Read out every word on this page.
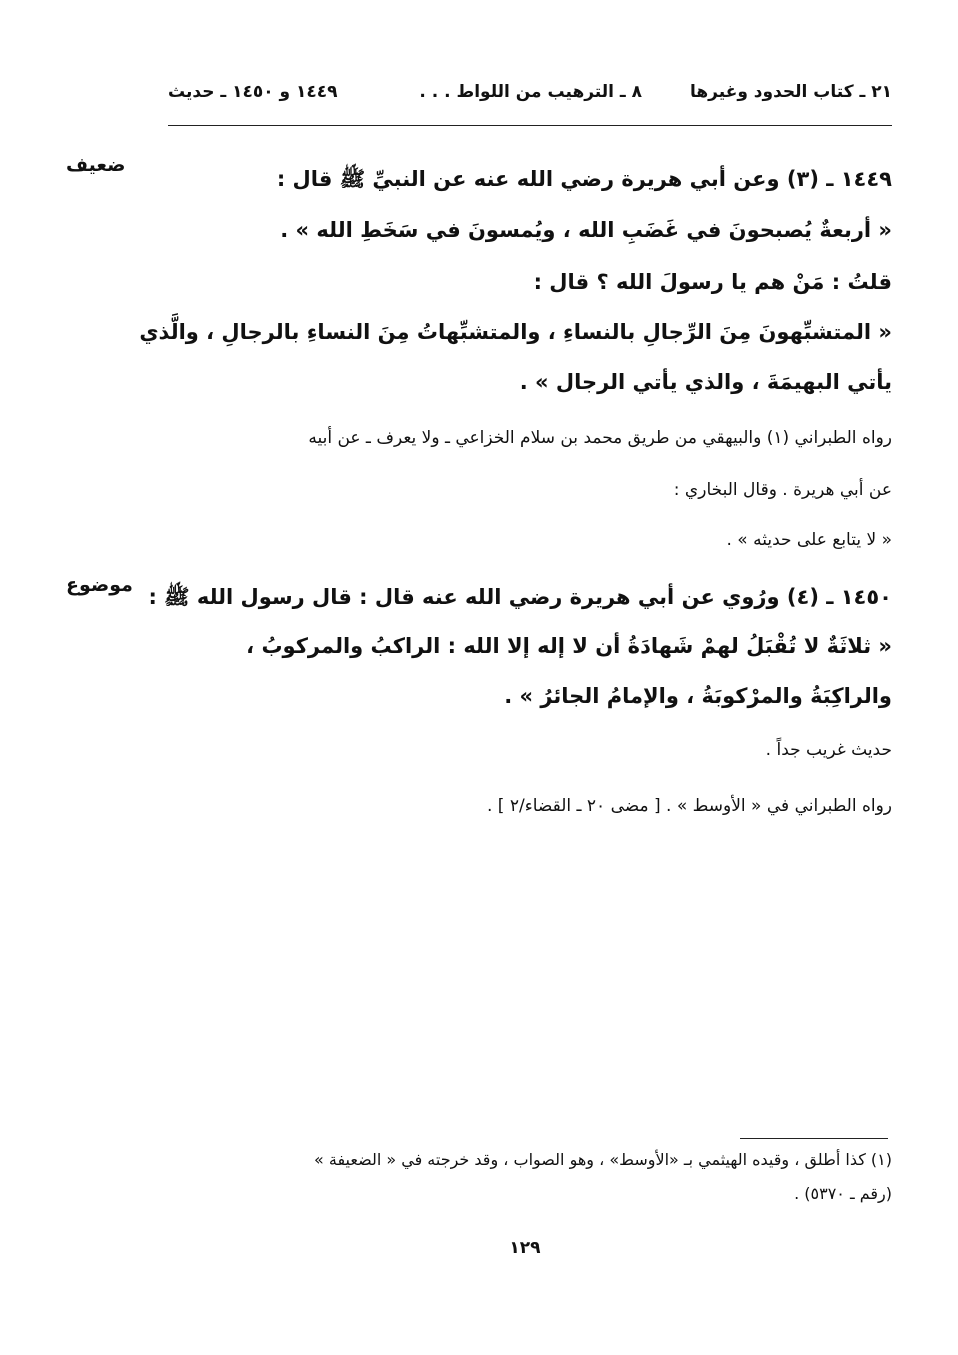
٢١ ـ كتاب الحدود وغيرها
٨ ـ الترهيب من اللواط . . .
١٤٤٩ و ١٤٥٠ ـ حديث
ضعيف
موضوع
١٤٤٩ ـ (٣) وعن أبي هريرة رضي الله عنه عن النبيِّ ﷺ قال :
« أربعةٌ يُصبحونَ في غَضَبِ الله ، ويُمسونَ في سَخَطِ الله » .
قلتُ : مَنْ هم يا رسولَ الله ؟ قال :
« المتشبِّهونَ مِنَ الرِّجالِ بالنساءِ ، والمتشبِّهاتُ مِنَ النساءِ بالرجالِ ، والَّذي
يأتي البهيمَةَ ، والذي يأتي الرجال » .
رواه الطبراني (١) والبيهقي من طريق محمد بن سلام الخزاعي ـ ولا يعرف ـ عن أبيه
عن أبي هريرة . وقال البخاري :
« لا يتابع على حديثه » .
١٤٥٠ ـ (٤) ورُوي عن أبي هريرة رضي الله عنه قال : قال رسول الله ﷺ :
« ثلاثَةٌ لا تُقْبَلُ لهمْ شَهادَةُ أن لا إله إلا الله : الراكبُ والمركوبُ ،
والراكِبَةُ والمرْكوبَةُ ، والإمامُ الجائرُ » .
حديث غريب جداً .
رواه الطبراني في « الأوسط » . [ مضى ٢٠ ـ القضاء/٢ ] .
(١) كذا أطلق ، وقيده الهيثمي بـ «الأوسط» ، وهو الصواب ، وقد خرجته في « الضعيفة »
(رقم ـ ٥٣٧٠) .
١٢٩
